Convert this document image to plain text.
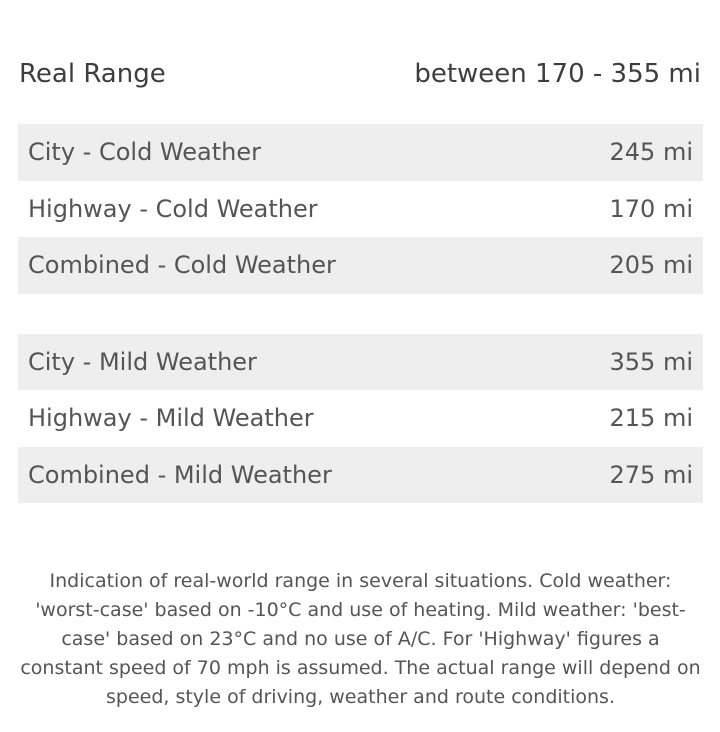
Real Range	between 170 - 355 mi
City - Cold Weather	245 mi
Highway - Cold Weather	170 mi
Combined - Cold Weather	205 mi
City - Mild Weather	355 mi
Highway - Mild Weather	215 mi
Combined - Mild Weather	275 mi

Indication of real-world range in several situations. Cold weather: 'worst-case' based on -10°C and use of heating. Mild weather: 'best-case' based on 23°C and no use of A/C. For 'Highway' figures a constant speed of 70 mph is assumed. The actual range will depend on speed, style of driving, weather and route conditions.
